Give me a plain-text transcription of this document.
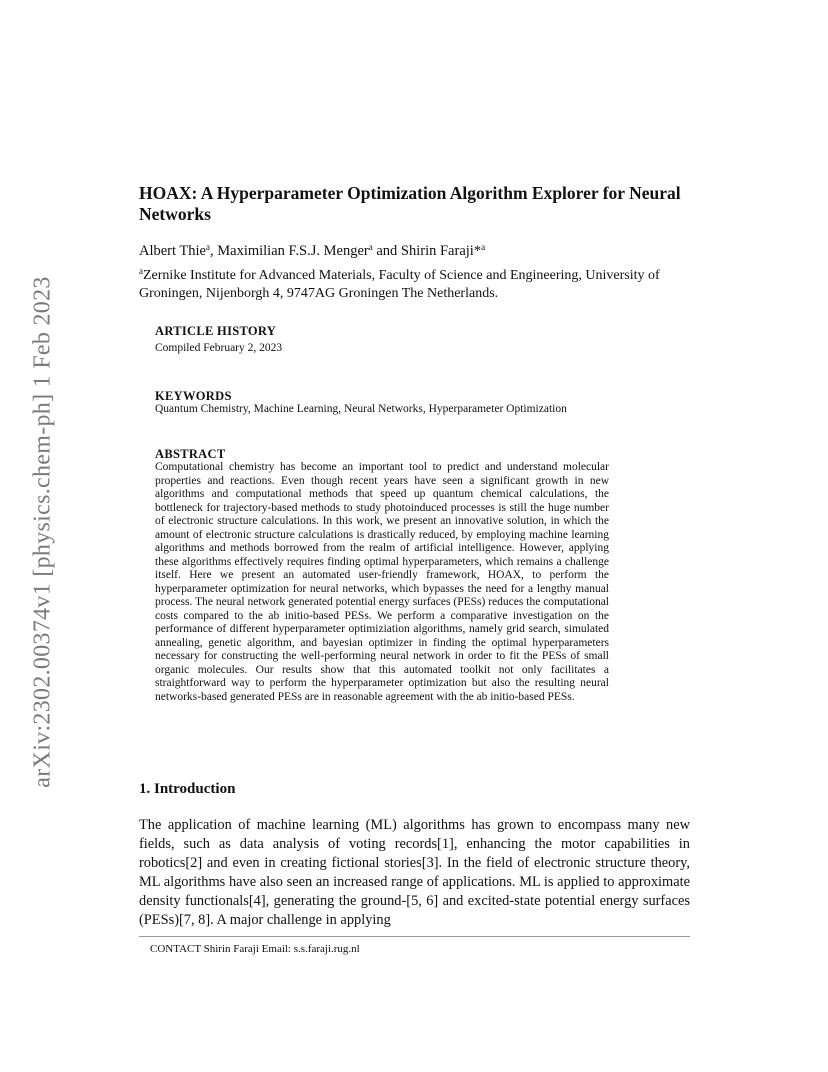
arXiv:2302.00374v1 [physics.chem-ph] 1 Feb 2023
HOAX: A Hyperparameter Optimization Algorithm Explorer for Neural Networks
Albert Thie$^a$, Maximilian F.S.J. Menger$^a$ and Shirin Faraji*$^a$
$^a$Zernike Institute for Advanced Materials, Faculty of Science and Engineering, University of Groningen, Nijenborgh 4, 9747AG Groningen The Netherlands.
ARTICLE HISTORY
Compiled February 2, 2023
KEYWORDS
Quantum Chemistry, Machine Learning, Neural Networks, Hyperparameter Optimization
ABSTRACT
Computational chemistry has become an important tool to predict and understand molecular properties and reactions. Even though recent years have seen a significant growth in new algorithms and computational methods that speed up quantum chemical calculations, the bottleneck for trajectory-based methods to study photoinduced processes is still the huge number of electronic structure calculations. In this work, we present an innovative solution, in which the amount of electronic structure calculations is drastically reduced, by employing machine learning algorithms and methods borrowed from the realm of artificial intelligence. However, applying these algorithms effectively requires finding optimal hyperparameters, which remains a challenge itself. Here we present an automated user-friendly framework, HOAX, to perform the hyperparameter optimization for neural networks, which bypasses the need for a lengthy manual process. The neural network generated potential energy surfaces (PESs) reduces the computational costs compared to the ab initio-based PESs. We perform a comparative investigation on the performance of different hyperparameter optimiziation algorithms, namely grid search, simulated annealing, genetic algorithm, and bayesian optimizer in finding the optimal hyperparameters necessary for constructing the well-performing neural network in order to fit the PESs of small organic molecules. Our results show that this automated toolkit not only facilitates a straightforward way to perform the hyperparameter optimization but also the resulting neural networks-based generated PESs are in reasonable agreement with the ab initio-based PESs.
1. Introduction
The application of machine learning (ML) algorithms has grown to encompass many new fields, such as data analysis of voting records[1], enhancing the motor capabilities in robotics[2] and even in creating fictional stories[3]. In the field of electronic structure theory, ML algorithms have also seen an increased range of applications. ML is applied to approximate density functionals[4], generating the ground-[5, 6] and excited-state potential energy surfaces (PESs)[7, 8]. A major challenge in applying
CONTACT Shirin Faraji Email: s.s.faraji.rug.nl
